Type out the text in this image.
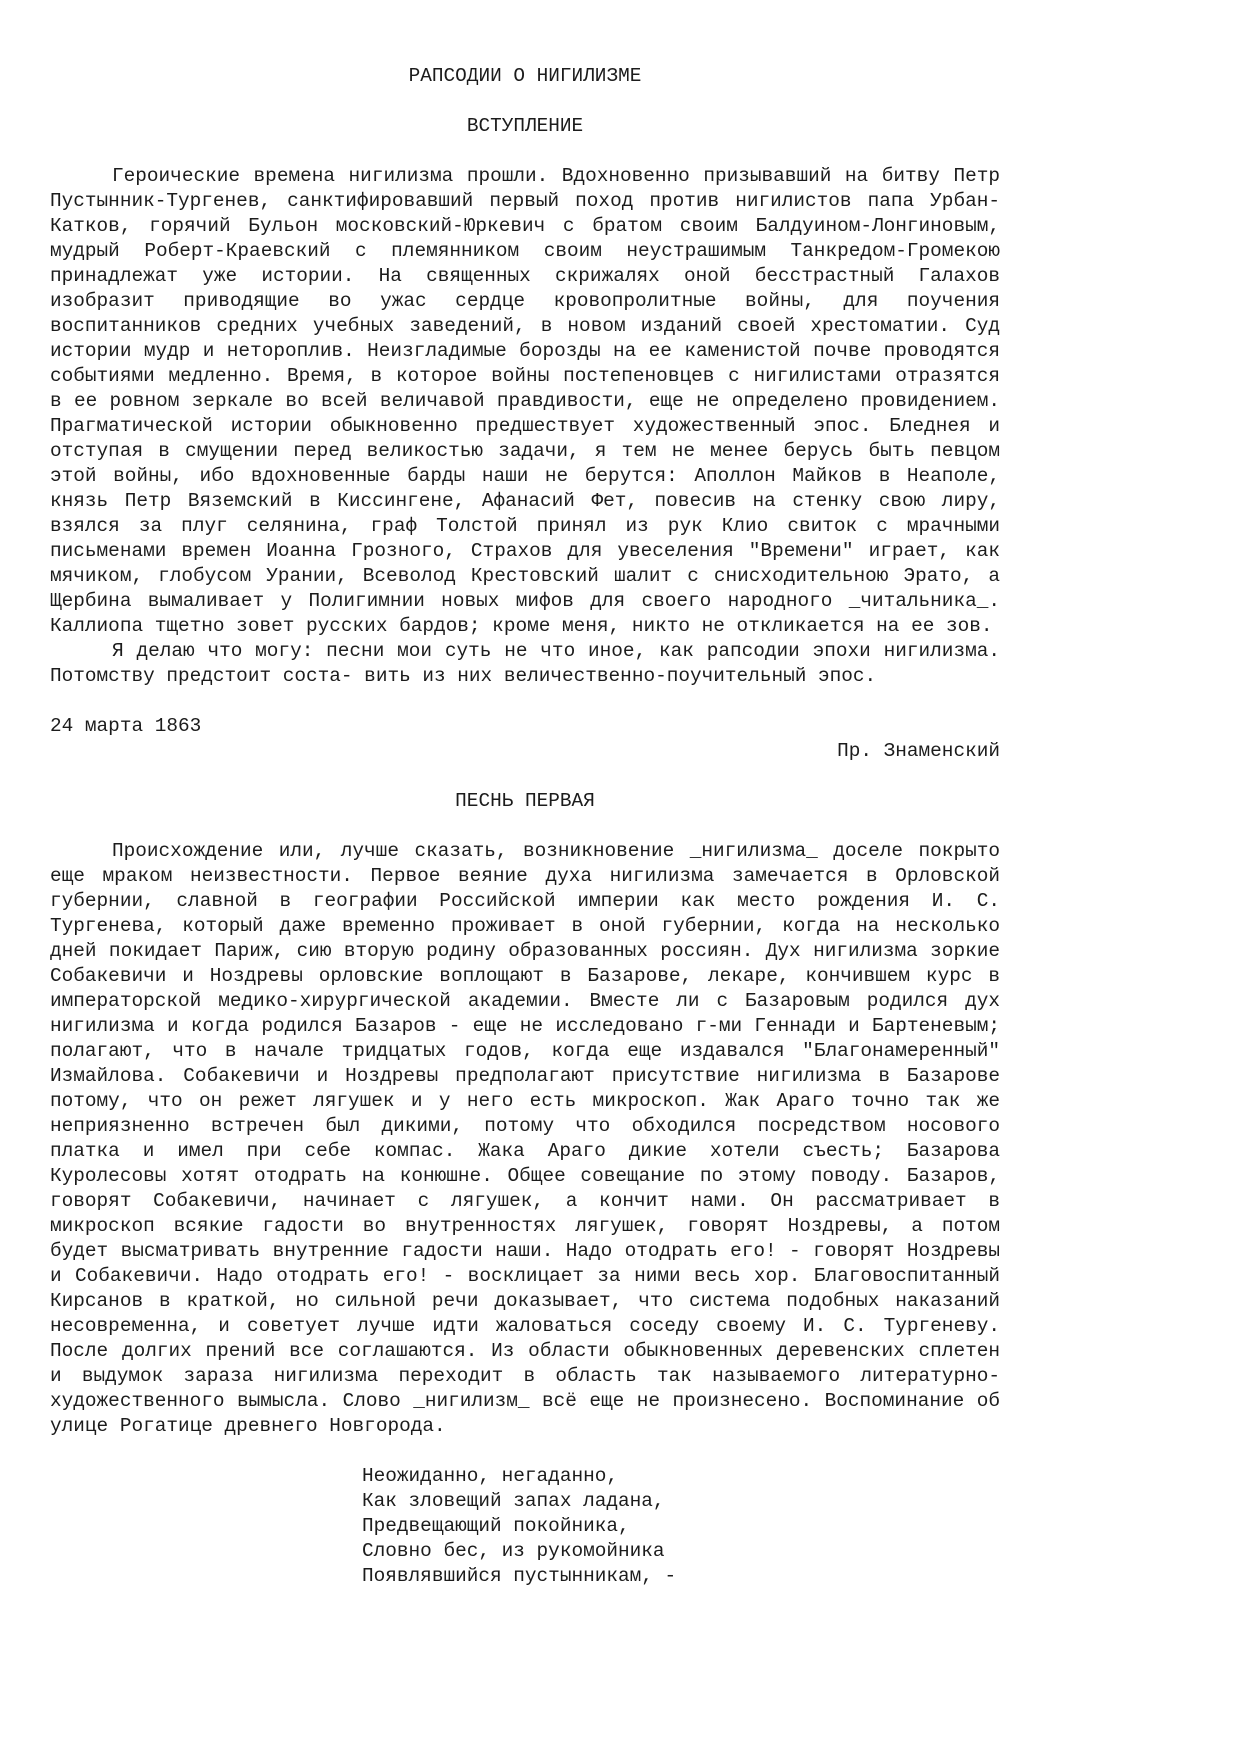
РАПСОДИИ О НИГИЛИЗМЕ

ВСТУПЛЕНИЕ

Героические времена нигилизма прошли. Вдохновенно призывавший на битву Петр Пустынник-Тургенев, санктифировавший первый поход против нигилистов папа Урбан-Катков, горячий Бульон московский-Юркевич с братом своим Балдуином-Лонгиновым, мудрый Роберт-Краевский с племянником своим неустрашимым Танкредом-Громекою принадлежат уже истории. На священных скрижалях оной бесстрастный Галахов изобразит приводящие во ужас сердце кровопролитные войны, для поучения воспитанников средних учебных заведений, в новом изданий своей хрестоматии. Суд истории мудр и нетороплив. Неизгладимые борозды на ее каменистой почве проводятся событиями медленно. Время, в которое войны постепеновцев с нигилистами отразятся в ее ровном зеркале во всей величавой правдивости, еще не определено провидением. Прагматической истории обыкновенно предшествует художественный эпос. Бледнея и отступая в смущении перед великостью задачи, я тем не менее берусь быть певцом этой войны, ибо вдохновенные барды наши не берутся: Аполлон Майков в Неаполе, князь Петр Вяземский в Киссингене, Афанасий Фет, повесив на стенку свою лиру, взялся за плуг селянина, граф Толстой принял из рук Клио свиток с мрачными письменами времен Иоанна Грозного, Страхов для увеселения "Времени" играет, как мячиком, глобусом Урании, Всеволод Крестовский шалит с снисходительною Эрато, а Щербина вымаливает у Полигимнии новых мифов для своего народного _читальника_. Каллиопа тщетно зовет русских бардов; кроме меня, никто не откликается на ее зов.

Я делаю что могу: песни мои суть не что иное, как рапсодии эпохи нигилизма. Потомству предстоит соста- вить из них величественно-поучительный эпос.

24 марта 1863

Пр. Знаменский

ПЕСНЬ ПЕРВАЯ

Происхождение или, лучше сказать, возникновение _нигилизма_ доселе покрыто еще мраком неизвестности. Первое веяние духа нигилизма замечается в Орловской губернии, славной в географии Российской империи как место рождения И. С. Тургенева, который даже временно проживает в оной губернии, когда на несколько дней покидает Париж, сию вторую родину образованных россиян. Дух нигилизма зоркие Собакевичи и Ноздревы орловские воплощают в Базарове, лекаре, кончившем курс в императорской медико-хирургической академии. Вместе ли с Базаровым родился дух нигилизма и когда родился Базаров - еще не исследовано г-ми Геннади и Бартеневым; полагают, что в начале тридцатых годов, когда еще издавался "Благонамеренный" Измайлова. Собакевичи и Ноздревы предполагают присутствие нигилизма в Базарове потому, что он режет лягушек и у него есть микроскоп. Жак Араго точно так же неприязненно встречен был дикими, потому что обходился посредством носового платка и имел при себе компас. Жака Араго дикие хотели съесть; Базарова Куролесовы хотят отодрать на конюшне. Общее совещание по этому поводу. Базаров, говорят Собакевичи, начинает с лягушек, а кончит нами. Он рассматривает в микроскоп всякие гадости во внутренностях лягушек, говорят Ноздревы, а потом будет высматривать внутренние гадости наши. Надо отодрать его! - говорят Ноздревы и Собакевичи. Надо отодрать его! - восклицает за ними весь хор. Благовоспитанный Кирсанов в краткой, но сильной речи доказывает, что система подобных наказаний несовременна, и советует лучше идти жаловаться соседу своему И. С. Тургеневу. После долгих прений все соглашаются. Из области обыкновенных деревенских сплетен и выдумок зараза нигилизма переходит в область так называемого литературно-художественного вымысла. Слово _нигилизм_ всё еще не произнесено. Воспоминание об улице Рогатице древнего Новгорода.

Неожиданно, негаданно,
Как зловещий запах ладана,
Предвещающий покойника,
Словно бес, из рукомойника
Появлявшийся пустынникам, -
